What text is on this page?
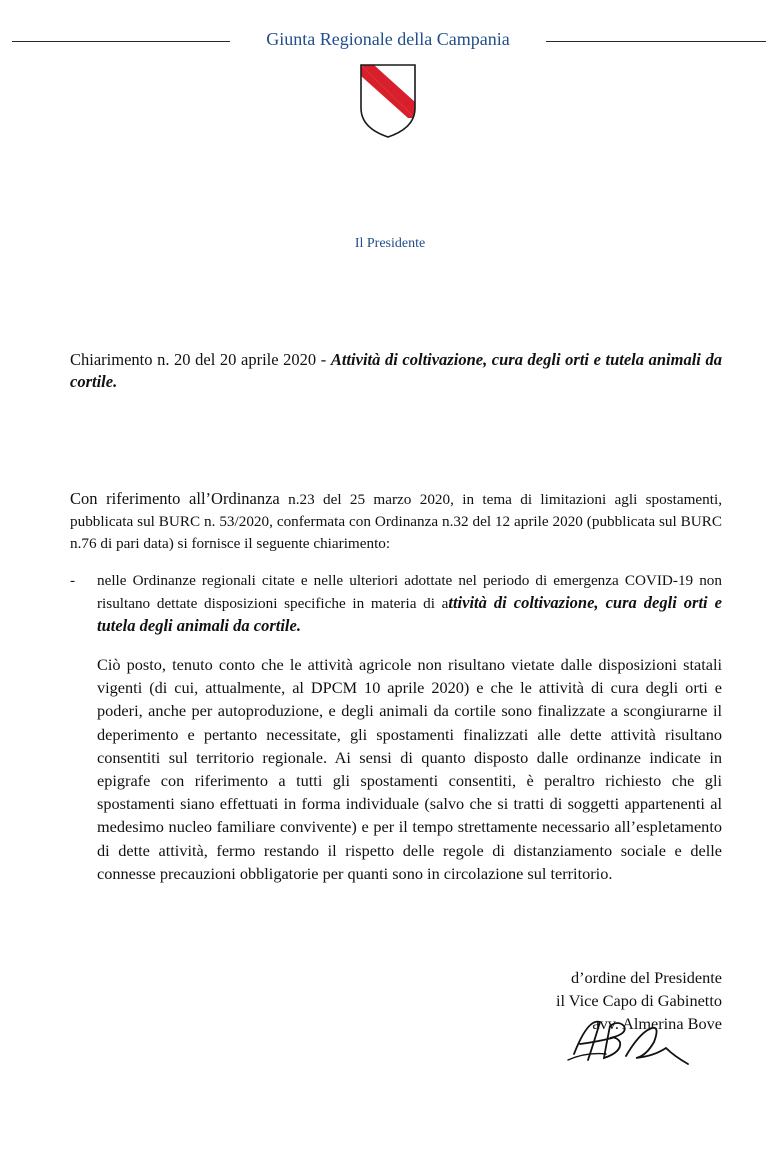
Giunta Regionale della Campania
Il Presidente
Chiarimento n. 20 del 20 aprile 2020 - Attività di coltivazione, cura degli orti e tutela animali da cortile.
Con riferimento all’Ordinanza n.23 del 25 marzo 2020, in tema di limitazioni agli spostamenti, pubblicata sul BURC n. 53/2020, confermata con Ordinanza n.32 del 12 aprile 2020 (pubblicata sul BURC n.76 di pari data) si fornisce il seguente chiarimento:
- nelle Ordinanze regionali citate e nelle ulteriori adottate nel periodo di emergenza COVID-19 non risultano dettate disposizioni specifiche in materia di attività di coltivazione, cura degli orti e tutela degli animali da cortile.
Ciò posto, tenuto conto che le attività agricole non risultano vietate dalle disposizioni statali vigenti (di cui, attualmente, al DPCM 10 aprile 2020) e che le attività di cura degli orti e poderi, anche per autoproduzione, e degli animali da cortile sono finalizzate a scongiurarne il deperimento e pertanto necessitate, gli spostamenti finalizzati alle dette attività risultano consentiti sul territorio regionale. Ai sensi di quanto disposto dalle ordinanze indicate in epigrafe con riferimento a tutti gli spostamenti consentiti, è peraltro richiesto che gli spostamenti siano effettuati in forma individuale (salvo che si tratti di soggetti appartenenti al medesimo nucleo familiare convivente) e per il tempo strettamente necessario all’espletamento di dette attività, fermo restando il rispetto delle regole di distanziamento sociale e delle connesse precauzioni obbligatorie per quanti sono in circolazione sul territorio.
d’ordine del Presidente
il Vice Capo di Gabinetto
avv. Almerina Bove
